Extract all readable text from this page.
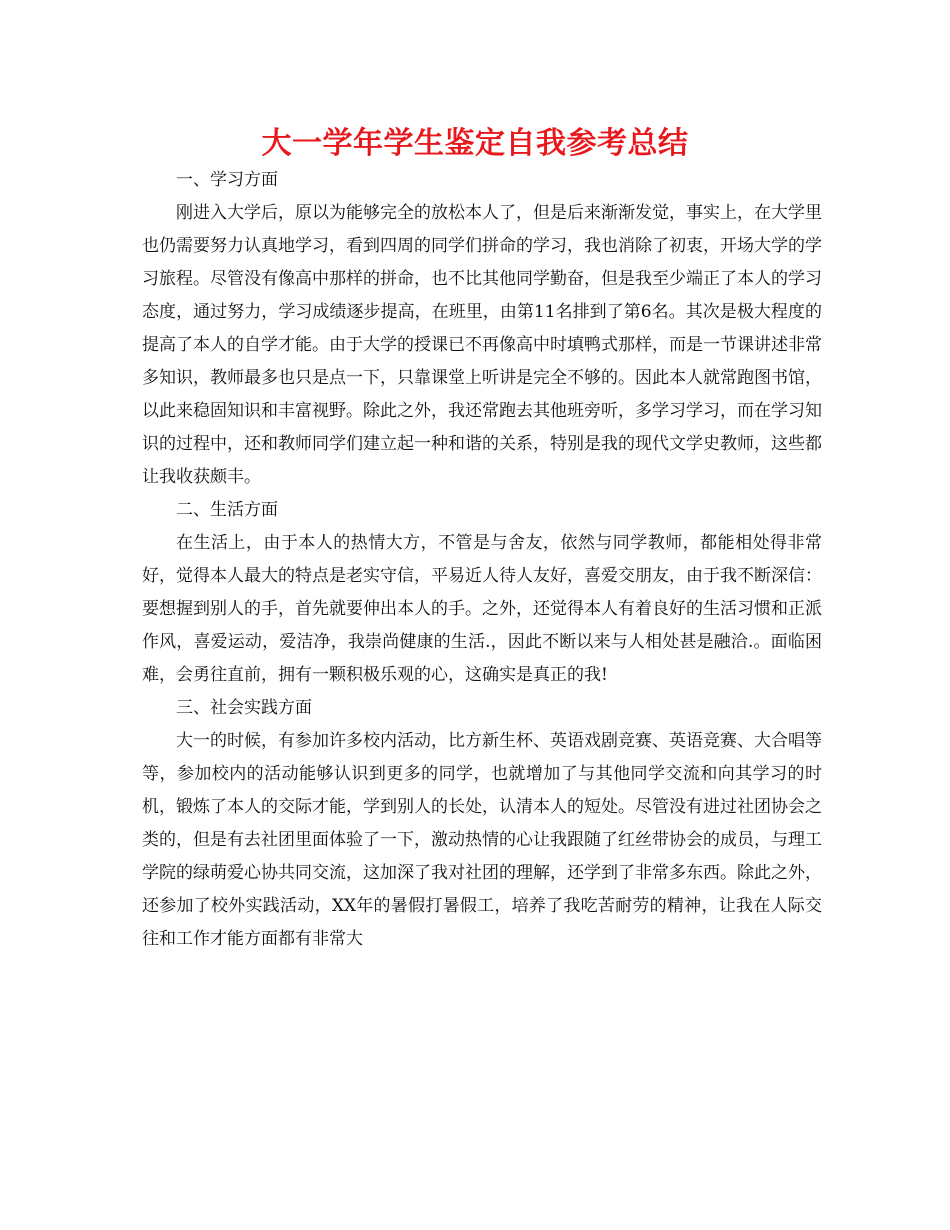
大一学年学生鉴定自我参考总结

一、学习方面

刚进入大学后，原以为能够完全的放松本人了，但是后来渐渐发觉，事实上，在大学里也仍需要努力认真地学习，看到四周的同学们拼命的学习，我也消除了初衷，开场大学的学习旅程。尽管没有像高中那样的拼命，也不比其他同学勤奋，但是我至少端正了本人的学习态度，通过努力，学习成绩逐步提高，在班里，由第11名排到了第6名。其次是极大程度的提高了本人的自学才能。由于大学的授课已不再像高中时填鸭式那样，而是一节课讲述非常多知识，教师最多也只是点一下，只靠课堂上听讲是完全不够的。因此本人就常跑图书馆，以此来稳固知识和丰富视野。除此之外，我还常跑去其他班旁听，多学习学习，而在学习知识的过程中，还和教师同学们建立起一种和谐的关系，特别是我的现代文学史教师，这些都让我收获颇丰。

二、生活方面

在生活上，由于本人的热情大方，不管是与舍友，依然与同学教师，都能相处得非常好，觉得本人最大的特点是老实守信，平易近人待人友好，喜爱交朋友，由于我不断深信：要想握到别人的手，首先就要伸出本人的手。之外，还觉得本人有着良好的生活习惯和正派作风，喜爱运动，爱洁净，我崇尚健康的生活.，因此不断以来与人相处甚是融洽.。面临困难，会勇往直前，拥有一颗积极乐观的心，这确实是真正的我!

三、社会实践方面

大一的时候，有参加许多校内活动，比方新生杯、英语戏剧竞赛、英语竞赛、大合唱等等，参加校内的活动能够认识到更多的同学，也就增加了与其他同学交流和向其学习的时机，锻炼了本人的交际才能，学到别人的长处，认清本人的短处。尽管没有进过社团协会之类的，但是有去社团里面体验了一下，激动热情的心让我跟随了红丝带协会的成员，与理工学院的绿萌爱心协共同交流，这加深了我对社团的理解，还学到了非常多东西。除此之外，还参加了校外实践活动，XX年的暑假打暑假工，培养了我吃苦耐劳的精神，让我在人际交往和工作才能方面都有非常大
